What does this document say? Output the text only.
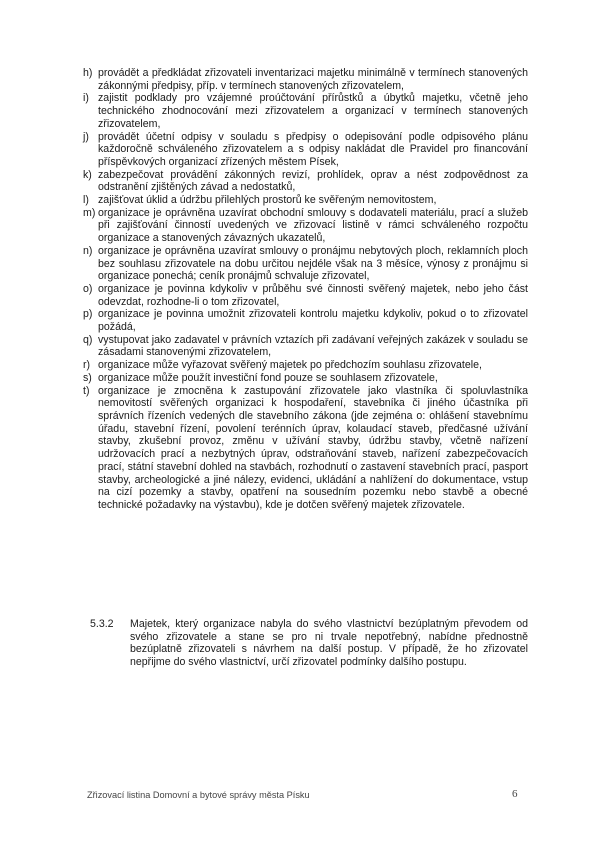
h) provádět a předkládat zřizovateli inventarizaci majetku minimálně v termínech stanovených zákonnými předpisy, příp. v termínech stanovených zřizovatelem,
i) zajistit podklady pro vzájemné proúčtování přírůstků a úbytků majetku, včetně jeho technického zhodnocování mezi zřizovatelem a organizací v termínech stanovených zřizovatelem,
j) provádět účetní odpisy v souladu s předpisy o odepisování podle odpisového plánu každoročně schváleného zřizovatelem a s odpisy nakládat dle Pravidel pro financování příspěvkových organizací zřízených městem Písek,
k) zabezpečovat provádění zákonných revizí, prohlídek, oprav a nést zodpovědnost za odstranění zjištěných závad a nedostatků,
l) zajišťovat úklid a údržbu přilehlých prostorů ke svěřeným nemovitostem,
m) organizace je oprávněna uzavírat obchodní smlouvy s dodavateli materiálu, prací a služeb při zajišťování činností uvedených ve zřizovací listině v rámci schváleného rozpočtu organizace a stanovených závazných ukazatelů,
n) organizace je oprávněna uzavírat smlouvy o pronájmu nebytových ploch, reklamních ploch bez souhlasu zřizovatele na dobu určitou nejdéle však na 3 měsíce, výnosy z pronájmu si organizace ponechá; ceník pronájmů schvaluje zřizovatel,
o) organizace je povinna kdykoliv v průběhu své činnosti svěřený majetek, nebo jeho část odevzdat, rozhodne-li o tom zřizovatel,
p) organizace je povinna umožnit zřizovateli kontrolu majetku kdykoliv, pokud o to zřizovatel požádá,
q) vystupovat jako zadavatel v právních vztazích při zadávaní veřejných zakázek v souladu se zásadami stanovenými zřizovatelem,
r) organizace může vyřazovat svěřený majetek po předchozím souhlasu zřizovatele,
s) organizace může použít investiční fond pouze se souhlasem zřizovatele,
t) organizace je zmocněna k zastupování zřizovatele jako vlastníka či spoluvlastníka nemovitostí svěřených organizaci k hospodaření, stavebníka či jiného účastníka při správních řízeních vedených dle stavebního zákona (jde zejména o: ohlášení stavebnímu úřadu, stavební řízení, povolení terénních úprav, kolaudací staveb, předčasné užívání stavby, zkušební provoz, změnu v užívání stavby, údržbu stavby, včetně nařízení udržovacích prací a nezbytných úprav, odstraňování staveb, nařízení zabezpečovacích prací, státní stavební dohled na stavbách, rozhodnutí o zastavení stavebních prací, pasport stavby, archeologické a jiné nálezy, evidenci, ukládání a nahlížení do dokumentace, vstup na cizí pozemky a stavby, opatření na sousedním pozemku nebo stavbě a obecné technické požadavky na výstavbu), kde je dotčen svěřený majetek zřizovatele.
5.3.2 Majetek, který organizace nabyla do svého vlastnictví bezúplatným převodem od svého zřizovatele a stane se pro ni trvale nepotřebný, nabídne přednostně bezúplatně zřizovateli s návrhem na další postup. V případě, že ho zřizovatel nepřijme do svého vlastnictví, určí zřizovatel podmínky dalšího postupu.
Zřizovací listina Domovní a bytové správy města Písku	6
